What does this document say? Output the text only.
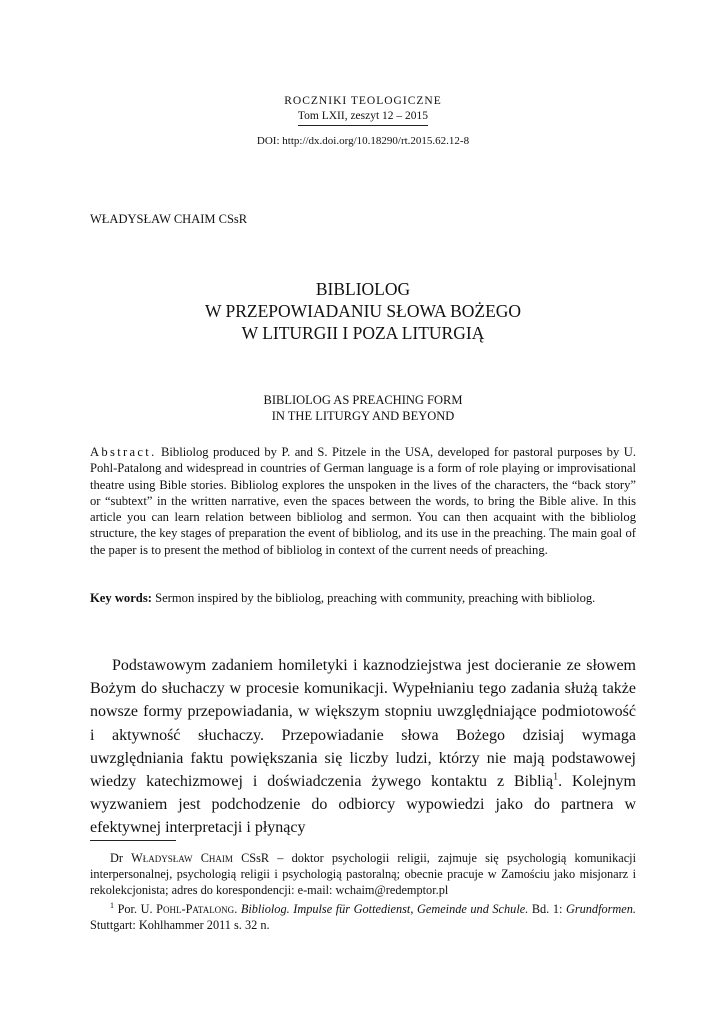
ROCZNIKI TEOLOGICZNE
Tom LXII, zeszyt 12 – 2015
DOI: http://dx.doi.org/10.18290/rt.2015.62.12-8
WŁADYSŁAW CHAIM CSsR
BIBLIOLOG
W PRZEPOWIADANIU SŁOWA BOŻEGO
W LITURGII I POZA LITURGIĄ
BIBLIOLOG AS PREACHING FORM
IN THE LITURGY AND BEYOND
Abstract. Bibliolog produced by P. and S. Pitzele in the USA, developed for pastoral purposes by U. Pohl-Patalong and widespread in countries of German language is a form of role playing or improvisational theatre using Bible stories. Bibliolog explores the unspoken in the lives of the characters, the “back story” or “subtext” in the written narrative, even the spaces between the words, to bring the Bible alive. In this article you can learn relation between bibliolog and sermon. You can then acquaint with the bibliolog structure, the key stages of preparation the event of bibliolog, and its use in the preaching. The main goal of the paper is to present the method of bibliolog in context of the current needs of preaching.
Key words: Sermon inspired by the bibliolog, preaching with community, preaching with bibliolog.
Podstawowym zadaniem homiletyki i kaznodziejstwa jest docieranie ze słowem Bożym do słuchaczy w procesie komunikacji. Wypełnianiu tego zadania służą także nowsze formy przepowiadania, w większym stopniu uwzględniające podmiotowość i aktywność słuchaczy. Przepowiadanie słowa Bożego dzisiaj wymaga uwzględniania faktu powiększania się liczby ludzi, którzy nie mają podstawowej wiedzy katechizmowej i doświadczenia żywego kontaktu z Biblią$^1$. Kolejnym wyzwaniem jest podchodzenie do odbiorcy wypowiedzi jako do partnera w efektywnej interpretacji i płynący

Dr Władysław Chaim CSsR – doktor psychologii religii, zajmuje się psychologią komunikacji interpersonalnej, psychologią religii i psychologią pastoralną; obecnie pracuje w Zamościu jako misjonarz i rekolekcjonista; adres do korespondencji: e-mail: wchaim@redemptor.pl

$^1$ Por. U. Pohl-Patalong. Bibliolog. Impulse für Gottedienst, Gemeinde und Schule. Bd. 1: Grundformen. Stuttgart: Kohlhammer 2011 s. 32 n.
